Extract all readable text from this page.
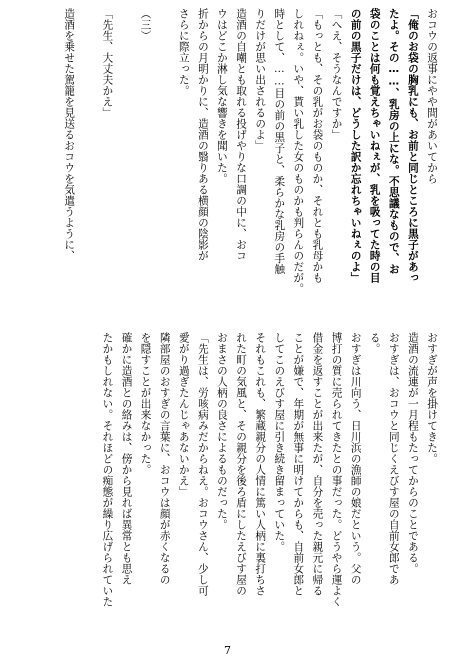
おコウの返事にやや間があいてから
「俺のお袋の胸乳にも、お前と同じところに黒子があっ
たよ。その……、乳房の上にな。不思議なもので、お
袋のことは何も覚えちゃいねぇが、乳を吸ってた時の目
の前の黒子だけは、どうした訳か忘れちゃいねぇのよ」
「へえ、そうなんですか」
「もっとも、その乳がお袋のものか、それとも乳母かも
しれねぇ。いや、貰い乳した女のものかも判らんのだが。
時として、……目の前の黒子と、柔らかな乳房の手触
りだけが思い出されるのよ」
造酒の自嘲とも取れる投げやりな口調の中に、おコ
ウはどこか淋し気な響きを聞いた。
折からの月明かりに、造酒の翳りある横顔の陰影が
さらに際立った。

（三）

「先生、大丈夫かえ」

造酒を乗せた駕籠を見送るおコウを気遣うように、
おすぎが声を掛けてきた。
造酒の流連が一月程もたってからのことである。
おすぎは、おコウと同じくえびす屋の自前女郎であ
る。
おすぎは川向う、日川浜の漁師の娘だという。父の
博打の質に売られてきたとの事だった。どうやら運よく
借金を返すことが出来たが、自分を売った親元に帰る
ことが嫌で、年期が無事に明けてからも、自前女郎と
してこのえびす屋に引き続き留まっていた。
それもこれも、繁蔵親分の人情に篤い人柄に裏打ちさ
れた町の気風と、その親分を後ろ盾にしたえびす屋の
おまさの人柄の良さによるものだった。
「先生は、労咳病みだからねえ。おコウさん、少し可
愛がり過ぎたんじゃあないかえ」
隣部屋のおすぎの言葉に、おコウは顔が赤くなるの
を隠すことが出来なかった。
確かに造酒との絡みは、傍から見れば異常とも思え
たかもしれない。それほどの痴態が繰り広げられていた
7
